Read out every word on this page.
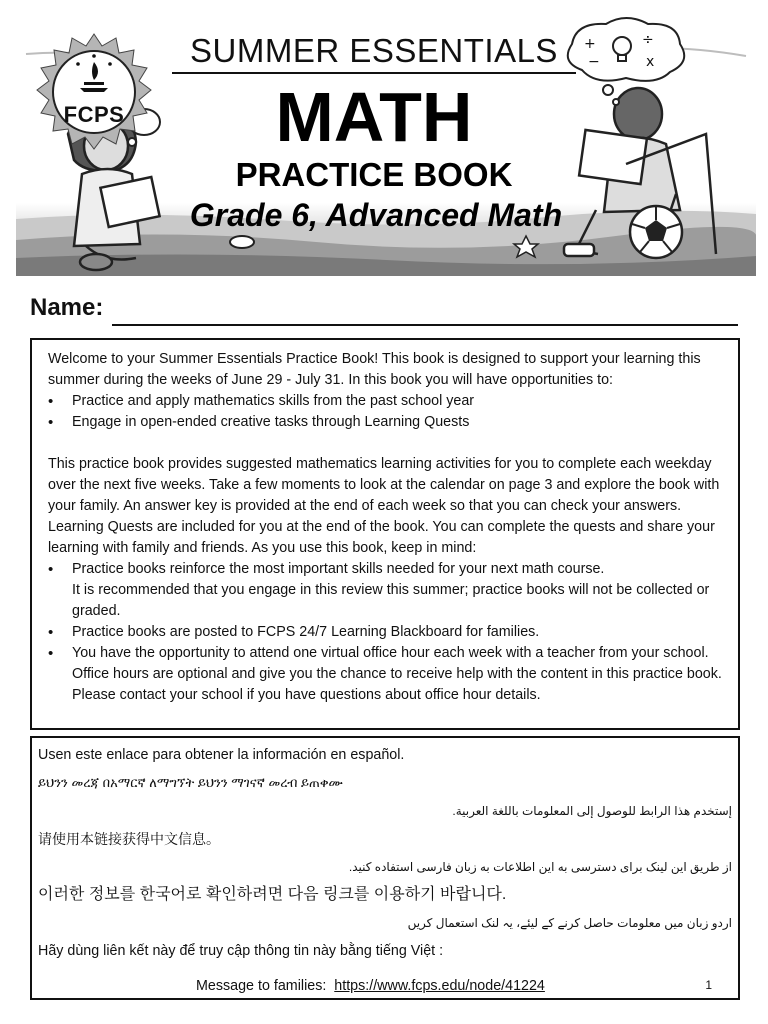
+
−
÷
x
FCPS
SUMMER ESSENTIALS
MATH
PRACTICE BOOK
Grade 6, Advanced Math
Name:

Welcome to your Summer Essentials Practice Book! This book is designed to support your learning this summer during the weeks of June 29 - July 31. In this book you will have opportunities to:

• Practice and apply mathematics skills from the past school year
• Engage in open-ended creative tasks through Learning Quests

This practice book provides suggested mathematics learning activities for you to complete each weekday over the next five weeks. Take a few moments to look at the calendar on page 3 and explore the book with your family. An answer key is provided at the end of each week so that you can check your answers. Learning Quests are included for you at the end of the book. You can complete the quests and share your learning with family and friends. As you use this book, keep in mind:

• Practice books reinforce the most important skills needed for your next math course.
It is recommended that you engage in this review this summer; practice books will not be collected or graded.
• Practice books are posted to FCPS 24/7 Learning Blackboard for families.
• You have the opportunity to attend one virtual office hour each week with a teacher from your school. Office hours are optional and give you the chance to receive help with the content in this practice book. Please contact your school if you have questions about office hour details.
Usen este enlace para obtener la información en español.
ይህንን መረጃ በአማርኛ ለማግኘት ይህንን ማገናኛ መረብ ይጠቀሙ
إستخدم هذا الرابط للوصول إلى المعلومات باللغة العربية.
请使用本链接获得中文信息。
از طريق اين لينک برای دسترسی به اين اطلاعات به زبان فارسی استفاده کنيد.
이러한 정보를 한국어로 확인하려면 다음 링크를 이용하기 바랍니다.
اردو زبان میں معلومات حاصل کرنے کے لیئے، یہ لنک استعمال کریں
Hãy dùng liên kết này để truy cập thông tin này bằng tiếng Việt :
Message to families: https://www.fcps.edu/node/41224	1
